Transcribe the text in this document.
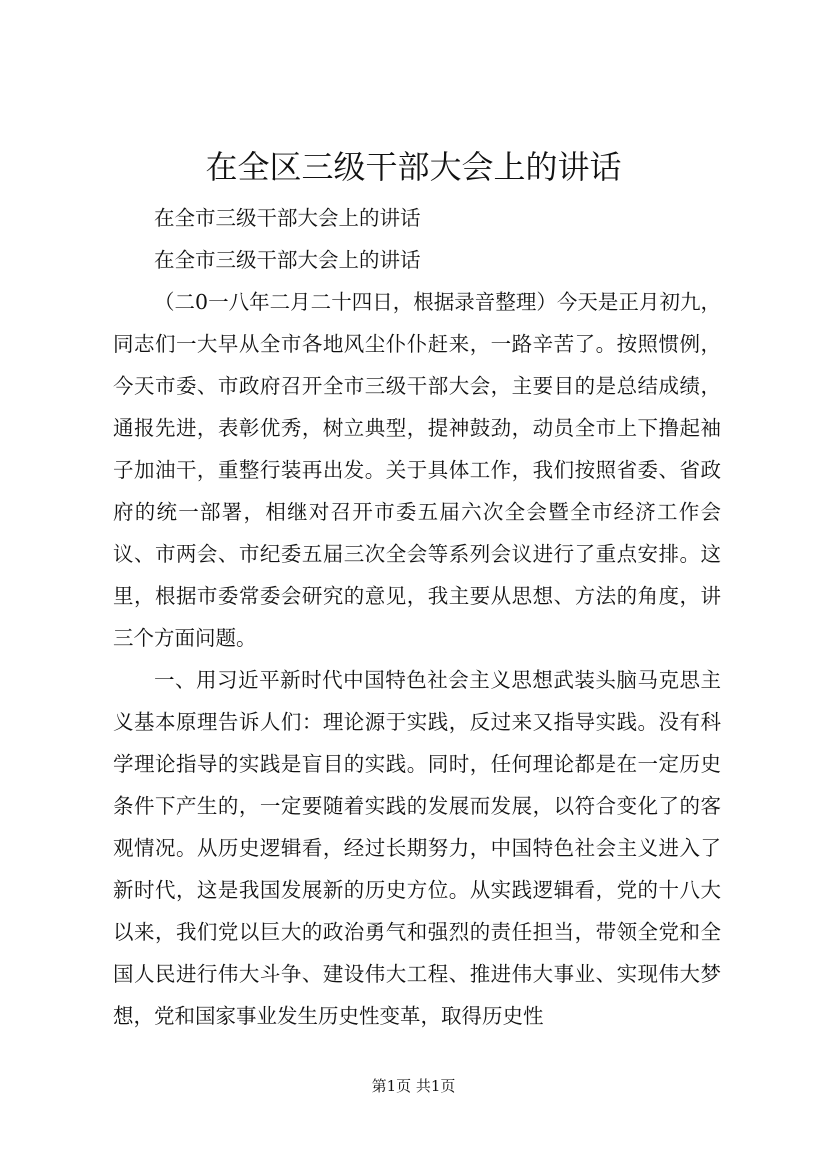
在全区三级干部大会上的讲话

在全市三级干部大会上的讲话

在全市三级干部大会上的讲话

（二0一八年二月二十四日，根据录音整理）今天是正月初九，同志们一大早从全市各地风尘仆仆赶来，一路辛苦了。按照惯例，今天市委、市政府召开全市三级干部大会，主要目的是总结成绩，通报先进，表彰优秀，树立典型，提神鼓劲，动员全市上下撸起袖子加油干，重整行装再出发。关于具体工作，我们按照省委、省政府的统一部署，相继对召开市委五届六次全会暨全市经济工作会议、市两会、市纪委五届三次全会等系列会议进行了重点安排。这里，根据市委常委会研究的意见，我主要从思想、方法的角度，讲三个方面问题。

一、用习近平新时代中国特色社会主义思想武装头脑马克思主义基本原理告诉人们：理论源于实践，反过来又指导实践。没有科学理论指导的实践是盲目的实践。同时，任何理论都是在一定历史条件下产生的，一定要随着实践的发展而发展，以符合变化了的客观情况。从历史逻辑看，经过长期努力，中国特色社会主义进入了新时代，这是我国发展新的历史方位。从实践逻辑看，党的十八大以来，我们党以巨大的政治勇气和强烈的责任担当，带领全党和全国人民进行伟大斗争、建设伟大工程、推进伟大事业、实现伟大梦想，党和国家事业发生历史性变革，取得历史性

第1页 共1页
